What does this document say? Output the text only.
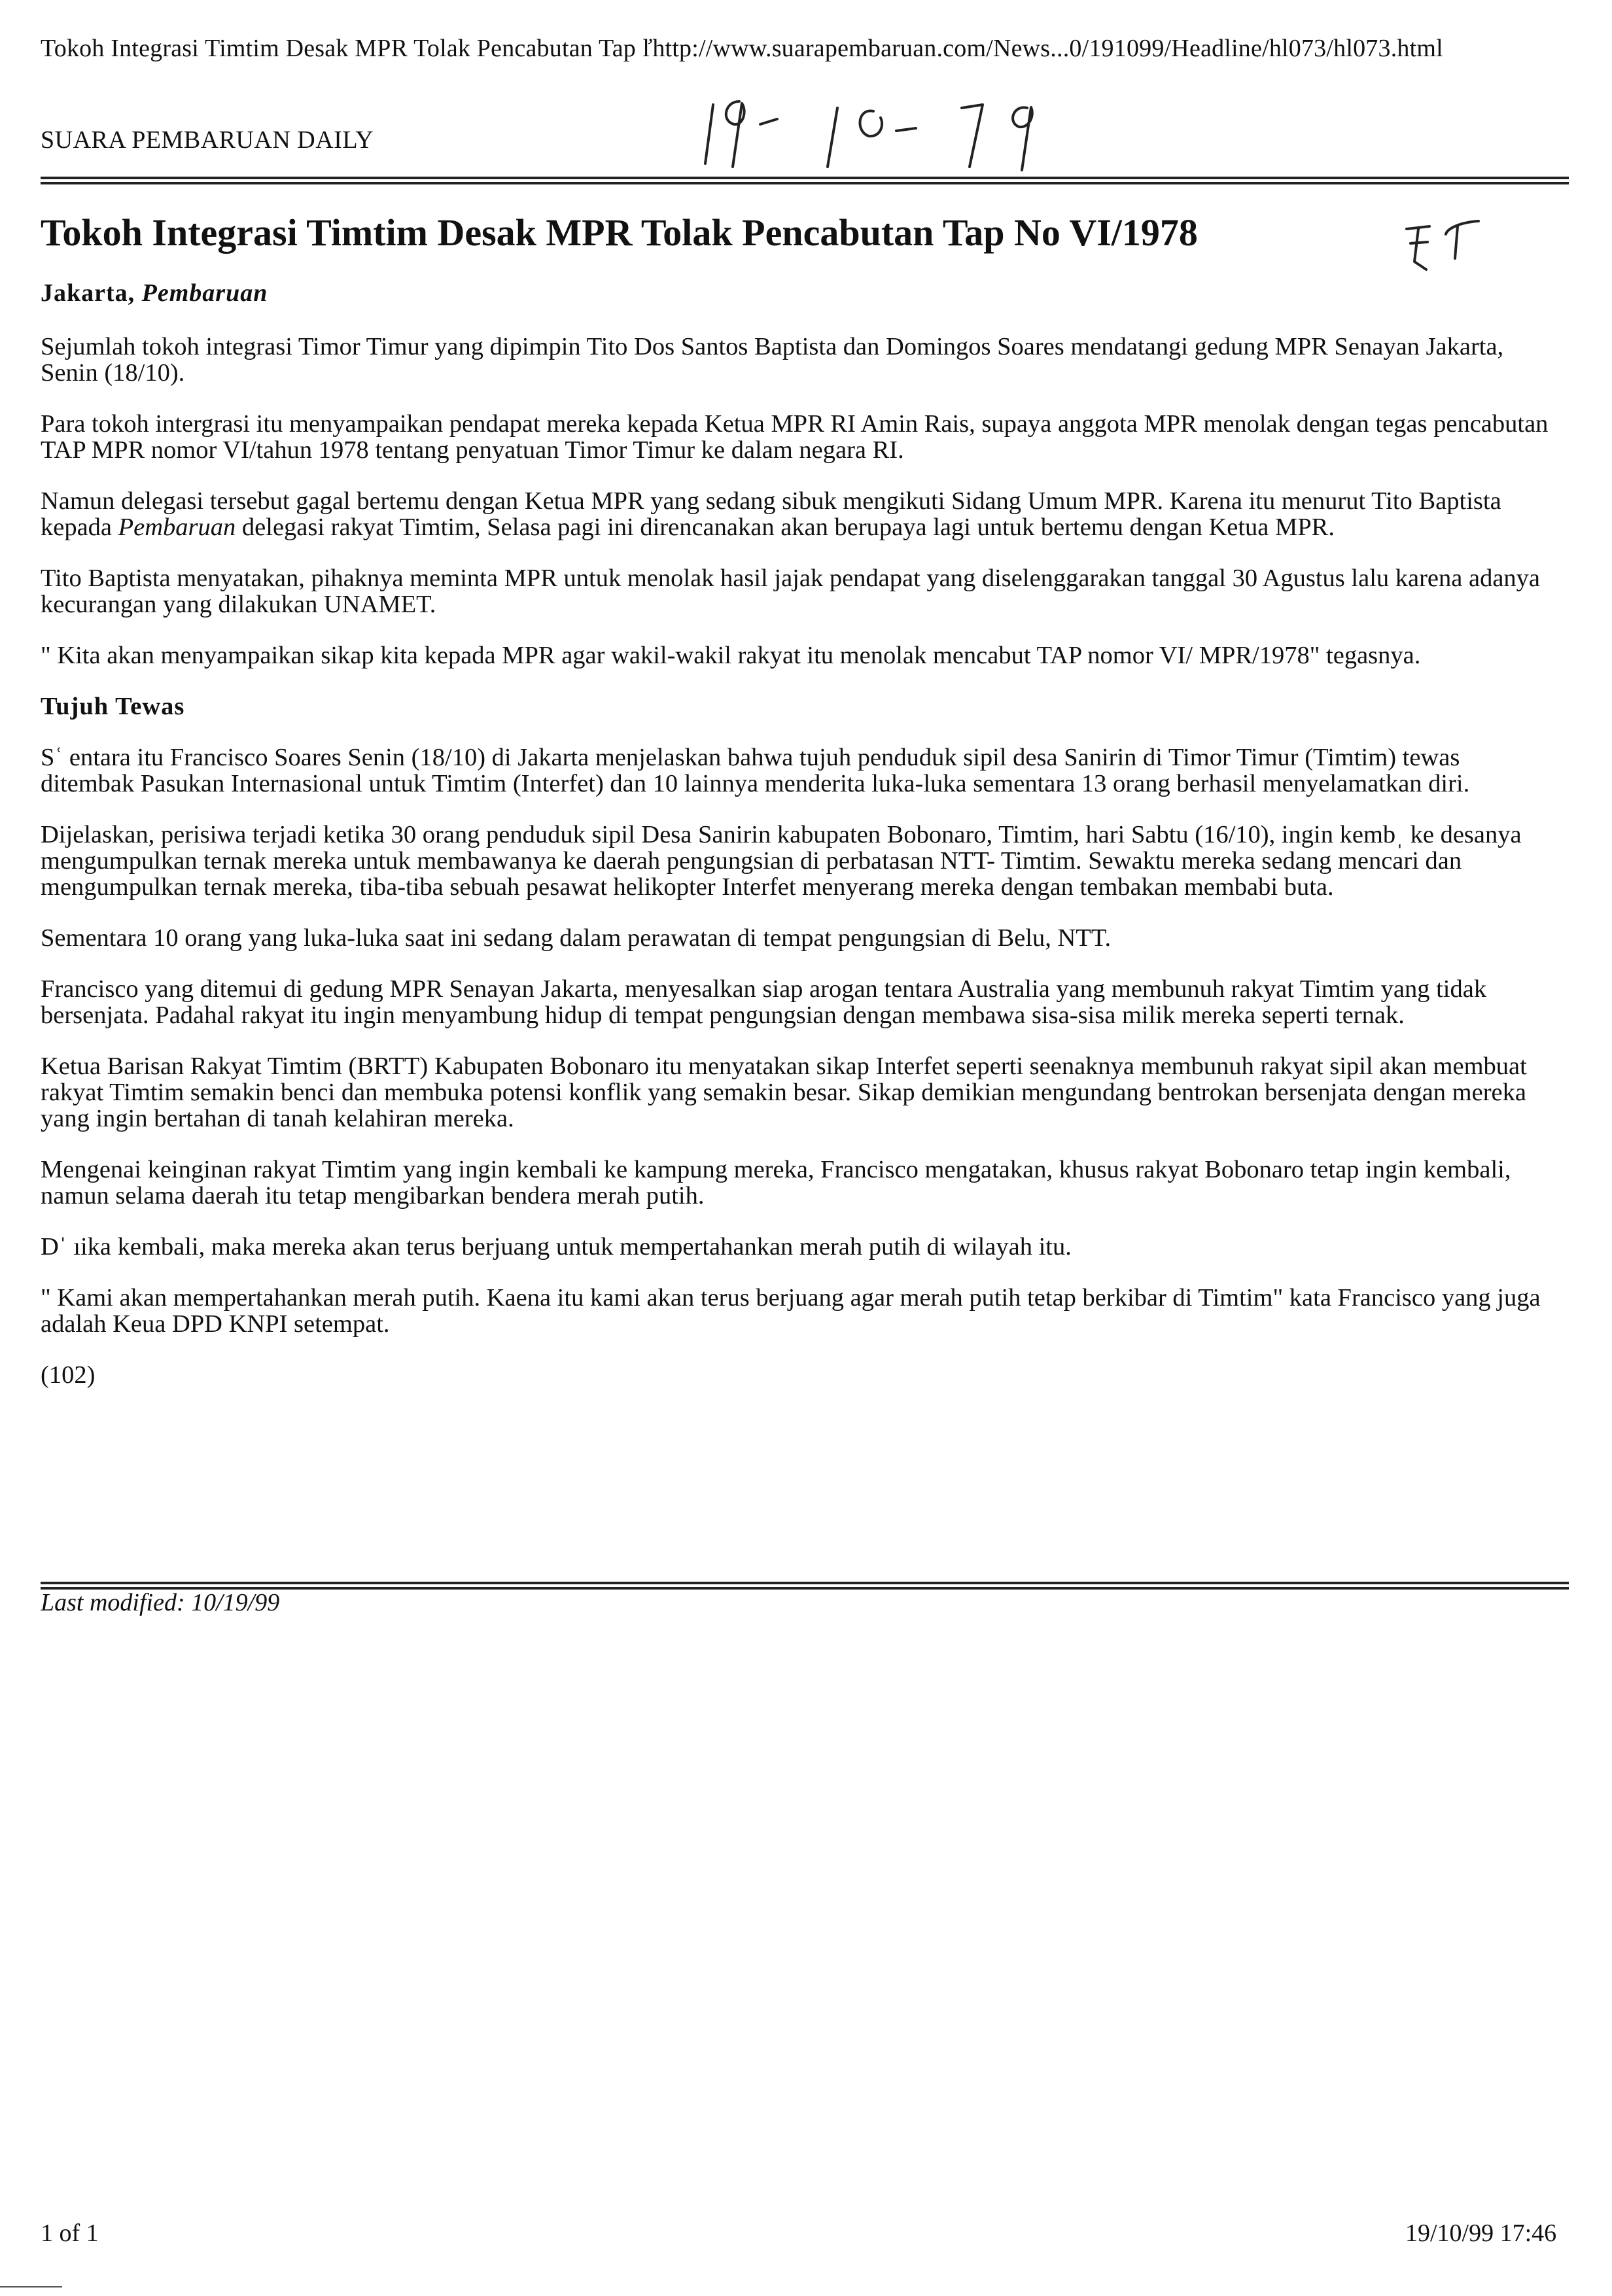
Tokoh Integrasi Timtim Desak MPR Tolak Pencabutan Tap ľhttp://www.suarapembaruan.com/News...0/191099/Headline/hl073/hl073.html
SUARA PEMBARUAN DAILY
Tokoh Integrasi Timtim Desak MPR Tolak Pencabutan Tap No VI/1978
Jakarta, Pembaruan

Sejumlah tokoh integrasi Timor Timur yang dipimpin Tito Dos Santos Baptista dan Domingos Soares mendatangi gedung MPR Senayan Jakarta, Senin (18/10).

Para tokoh intergrasi itu menyampaikan pendapat mereka kepada Ketua MPR RI Amin Rais, supaya anggota MPR menolak dengan tegas pencabutan TAP MPR nomor VI/tahun 1978 tentang penyatuan Timor Timur ke dalam negara RI.

Namun delegasi tersebut gagal bertemu dengan Ketua MPR yang sedang sibuk mengikuti Sidang Umum MPR. Karena itu menurut Tito Baptista kepada Pembaruan delegasi rakyat Timtim, Selasa pagi ini direncanakan akan berupaya lagi untuk bertemu dengan Ketua MPR.

Tito Baptista menyatakan, pihaknya meminta MPR untuk menolak hasil jajak pendapat yang diselenggarakan tanggal 30 Agustus lalu karena adanya kecurangan yang dilakukan UNAMET.

" Kita akan menyampaikan sikap kita kepada MPR agar wakil-wakil rakyat itu menolak mencabut TAP nomor VI/ MPR/1978" tegasnya.

Tujuh Tewas

Sʿ еntara itu Francisco Soares Senin (18/10) di Jakarta menjelaskan bahwa tujuh penduduk sipil desa Sanirin di Timor Timur (Timtim) tewas ditembak Pasukan Internasional untuk Timtim (Interfet) dan 10 lainnya menderita luka-luka sementara 13 orang berhasil menyelamatkan diri.

Dijelaskan, perisiwa terjadi ketika 30 orang penduduk sipil Desa Sanirin kabupaten Bobonaro, Timtim, hari Sabtu (16/10), ingin kembˌ ke desanya mengumpulkan ternak mereka untuk membawanya ke daerah pengungsian di perbatasan NTT- Timtim. Sewaktu mereka sedang mencari dan mengumpulkan ternak mereka, tiba-tiba sebuah pesawat helikopter Interfet menyerang mereka dengan tembakan membabi buta.

Sementara 10 orang yang luka-luka saat ini sedang dalam perawatan di tempat pengungsian di Belu, NTT.

Francisco yang ditemui di gedung MPR Senayan Jakarta, menyesalkan siap arogan tentara Australia yang membunuh rakyat Timtim yang tidak bersenjata. Padahal rakyat itu ingin menyambung hidup di tempat pengungsian dengan membawa sisa-sisa milik mereka seperti ternak.

Ketua Barisan Rakyat Timtim (BRTT) Kabupaten Bobonaro itu menyatakan sikap Interfet seperti seenaknya membunuh rakyat sipil akan membuat rakyat Timtim semakin benci dan membuka potensi konflik yang semakin besar. Sikap demikian mengundang bentrokan bersenjata dengan mereka yang ingin bertahan di tanah kelahiran mereka.

Mengenai keinginan rakyat Timtim yang ingin kembali ke kampung mereka, Francisco mengatakan, khusus rakyat Bobonaro tetap ingin kembali, namun selama daerah itu tetap mengibarkan bendera merah putih.

Dˈ ıika kembali, maka mereka akan terus berjuang untuk mempertahankan merah putih di wilayah itu.

" Kami akan mempertahankan merah putih. Kaena itu kami akan terus berjuang agar merah putih tetap berkibar di Timtim" kata Francisco yang juga adalah Keua DPD KNPI setempat.

(102)

Last modified: 10/19/99
1 of 1	19/10/99 17:46
